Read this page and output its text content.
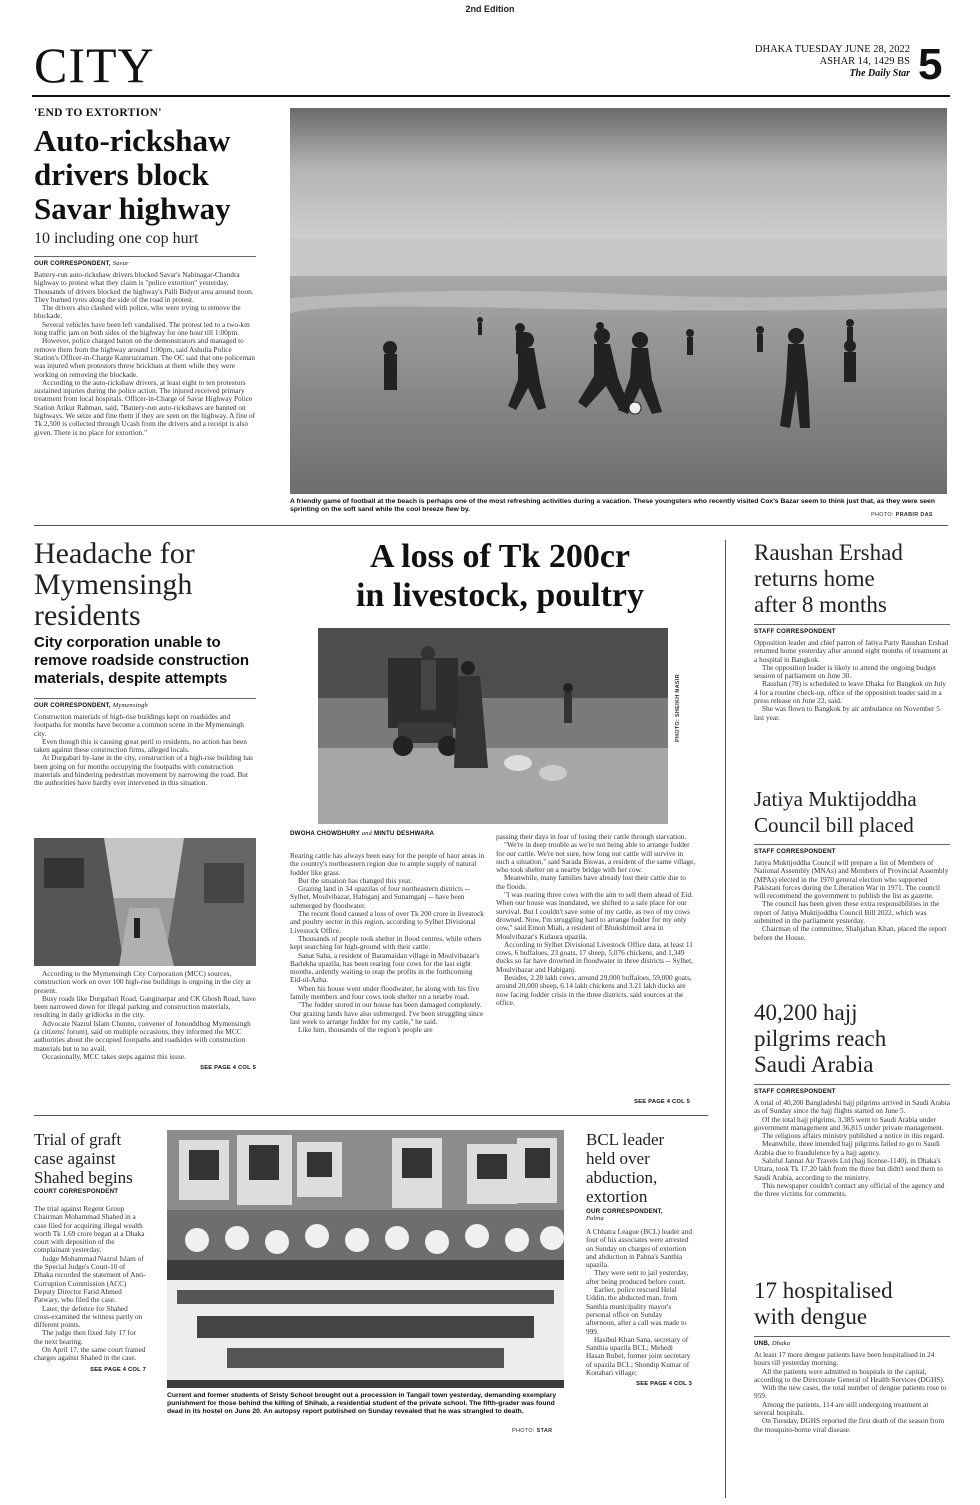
2nd Edition
CITY	DHAKA TUESDAY JUNE 28, 2022
ASHAR 14, 1429 BS
The Daily Star 5
'END TO EXTORTION'
Auto-rickshaw
drivers block
Savar highway
10 including one cop hurt
OUR CORRESPONDENT, Savar

Battery-run auto-rickshaw drivers blocked Savar's Nabinagar-Chandra highway to protest what they claim is "police extortion" yesterday. Thousands of drivers blocked the highway's Palli Bidyut area around noon. They burned tyres along the side of the road in protest.

The drivers also clashed with police, who were trying to remove the blockade.

Several vehicles have been left vandalised. The protest led to a two-km long traffic jam on both sides of the highway for one hour till 1:00pm.

However, police charged baton on the demonstrators and managed to remove them from the highway around 1:00pm, said Ashulia Police Station's Officer-in-Charge Kamruzzaman. The OC said that one policeman was injured when protestors threw brickbats at them while they were working on removing the blockade.

According to the auto-rickshaw drivers, at least eight to ten protestors sustained injuries during the police action. The injured received primary treatment from local hospitals. Officer-in-Charge of Savar Highway Police Station Atikur Rahman, said, "Battery-run auto-rickshaws are banned on highways. We seize and fine them if they are seen on the highway. A fine of Tk 2,500 is collected through Ucash from the drivers and a receipt is also given. There is no place for extortion."

A friendly game of football at the beach is perhaps one of the most refreshing activities during a vacation. These youngsters who recently visited Cox's Bazar seem to think just that, as they were seen sprinting on the soft sand while the cool breeze flew by.
PHOTO: PRABIR DAS
Headache for
Mymensingh
residents
City corporation unable to remove roadside construction materials, despite attempts
OUR CORRESPONDENT, Mymensingh

Construction materials of high-rise buildings kept on roadsides and footpaths for months have become a common scene in the Mymensingh city.

Even though this is causing great peril to residents, no action has been taken against these construction firms, alleged locals.

At Durgabari by-lane in the city, construction of a high-rise building has been going on for months occupying the footpaths with construction materials and hindering pedestrian movement by narrowing the road. But the authorities have hardly ever intervened in this situation.

According to the Mymensingh City Corporation (MCC) sources, construction work on over 100 high-rise buildings is ongoing in the city at present.

Busy roads like Durgabari Road, Ganginarpar and CK Ghosh Road, have been narrowed down for illegal parking and construction materials, resulting in daily gridlocks in the city.

Advocate Nazrul Islam Chunnu, convener of Jonouddhog Mymensingh (a citizens' forum), said on multiple occasions, they informed the MCC authorities about the occupied footpaths and roadsides with construction materials but to no avail.

Occasionally, MCC takes steps against this issue.

SEE PAGE 4 COL 5
A loss of Tk 200cr
in livestock, poultry
PHOTO: SHEIKH NASIR
DWOHA CHOWDHURY and MINTU DESHWARA

Rearing cattle has always been easy for the people of haor areas in the country's northeastern region due to ample supply of natural fodder like grass.

But the situation has changed this year.

Grazing land in 34 upazilas of four northeastern districts -- Sylhet, Moulvibazar, Habiganj and Sunamganj -- have been submerged by floodwater.

The recent flood caused a loss of over Tk 200 crore in livestock and poultry sector in this region, according to Sylhet Divisional Livestock Office.

Thousands of people took shelter in flood centres, while others kept searching for high-ground with their cattle.

Sanat Saha, a resident of Baramaidan village in Moulvibazar's Barlekha upazila, has been rearing four cows for the last eight months, ardently waiting to reap the profits in the forthcoming Eid-ul-Azha.

When his house went under floodwater, he along with his five family members and four cows took shelter on a nearby road.

"The fodder stored in our house has been damaged completely. Our grazing lands have also submerged. I've been struggling since last week to arrange fodder for my cattle," he said.

Like him, thousands of the region's people are

passing their days in fear of losing their cattle through starvation.

"We're in deep trouble as we're not being able to arrange fodder for our cattle. We're not sure, how long our cattle will survive in such a situation," said Sarada Biswas, a resident of the same village, who took shelter on a nearby bridge with her cow.

Meanwhile, many families have already lost their cattle due to the floods.

"I was rearing three cows with the aim to sell them ahead of Eid. When our house was inundated, we shifted to a safe place for our survival. But I couldn't save some of my cattle, as two of my cows drowned. Now, I'm struggling hard to arrange fodder for my only cow," said Emon Miah, a resident of Bhukshimoil area in Moulvibazar's Kulaura upazila.

According to Sylhet Divisional Livestock Office data, at least 11 cows, 6 buffaloes, 23 goats, 17 sheep, 5,076 chickens, and 1,349 ducks so far have drowned in floodwater in three districts -- Sylhet, Moulvibazar and Habiganj.

Besides, 2.28 lakh cows, around 29,000 buffaloes, 59,000 goats, around 20,000 sheep, 6.14 lakh chickens and 3.21 lakh ducks are now facing fodder crisis in the three districts, said sources at the office.

SEE PAGE 4 COL 5
Raushan Ershad
returns home
after 8 months
STAFF CORRESPONDENT

Opposition leader and chief patron of Jatiya Party Raushan Ershad returned home yesterday after around eight months of treatment at a hospital in Bangkok.

The opposition leader is likely to attend the ongoing budget session of parliament on June 30.

Raushan (78) is scheduled to leave Dhaka for Bangkok on July 4 for a routine check-up, office of the opposition leader said in a press release on June 22, said.

She was flown to Bangkok by air ambulance on November 5 last year.

Jatiya Muktijoddha
Council bill placed
STAFF CORRESPONDENT

Jatiya Muktijoddha Council will prepare a list of Members of National Assembly (MNAs) and Members of Provincial Assembly (MPAs) elected in the 1970 general election who supported Pakistani forces during the Liberation War in 1971. The council will recommend the government to publish the list as gazette.

The council has been given these extra responsibilities in the report of Jatiya Muktijoddha Council Bill 2022, which was submitted in the parliament yesterday.

Chairman of the committee, Shahjahan Khan, placed the report before the House.

40,200 hajj
pilgrims reach
Saudi Arabia
STAFF CORRESPONDENT

A total of 40,200 Bangladeshi hajj pilgrims arrived in Saudi Arabia as of Sunday since the hajj flights started on June 5.

Of the total hajj pilgrims, 3,385 went to Saudi Arabia under government management and 36,815 under private management.

The religious affairs ministry published a notice in this regard.

Meanwhile, three intended hajj pilgrims failed to go to Saudi Arabia due to fraudulence by a hajj agency.

Sabiful Jannat Air Travels Ltd (hajj license-1140), in Dhaka's Uttara, took Tk 17.20 lakh from the three but didn't send them to Saudi Arabia, according to the ministry.

This newspaper couldn't contact any official of the agency and the three victims for comments.

17 hospitalised
with dengue
UNB, Dhaka

At least 17 more dengue patients have been hospitalised in 24 hours till yesterday morning.

All the patients were admitted to hospitals in the capital, according to the Directorate General of Health Services (DGHS).

With the new cases, the total number of dengue patients rose to 959.

Among the patients, 114 are still undergoing treatment at several hospitals.

On Tuesday, DGHS reported the first death of the season from the mosquito-borne viral disease.

Trial of graft
case against
Shahed begins
COURT CORRESPONDENT

The trial against Regent Group Chairman Mohammad Shahed in a case filed for acquiring illegal wealth worth Tk 1.69 crore began at a Dhaka court with deposition of the complainant yesterday.

Judge Mohammad Nazrul Islam of the Special Judge's Court-10 of Dhaka recorded the statement of Anti-Corruption Commission (ACC) Deputy Director Farid Ahmed Patwary, who filed the case.

Later, the defence for Shahed cross-examined the witness partly on different points.

The judge then fixed July 17 for the next hearing.

On April 17, the same court framed charges against Shahed in the case.

SEE PAGE 4 COL 7
Current and former students of Sristy School brought out a procession in Tangail town yesterday, demanding exemplary punishment for those behind the killing of Shihab, a residential student of the private school. The fifth-grader was found dead in its hostel on June 20. An autopsy report published on Sunday revealed that he was strangled to death.
PHOTO: STAR
BCL leader
held over
abduction,
extortion
OUR CORRESPONDENT,
Pabna

A Chhatra League (BCL) leader and four of his associates were arrested on Sunday on charges of extortion and abduction in Pabna's Santhia upazila.

They were sent to jail yesterday, after being produced before court.

Earlier, police rescued Helal Uddin, the abducted man, from Santhia municipality mayor's personal office on Sunday afternoon, after a call was made to 999.

Hasibul Khan Sana, secretary of Santhia upazila BCL; Mehedi Hasan Rubel, former joint secretary of upazila BCL; Shondip Kumar of Konabari village;

SEE PAGE 4 COL 3
